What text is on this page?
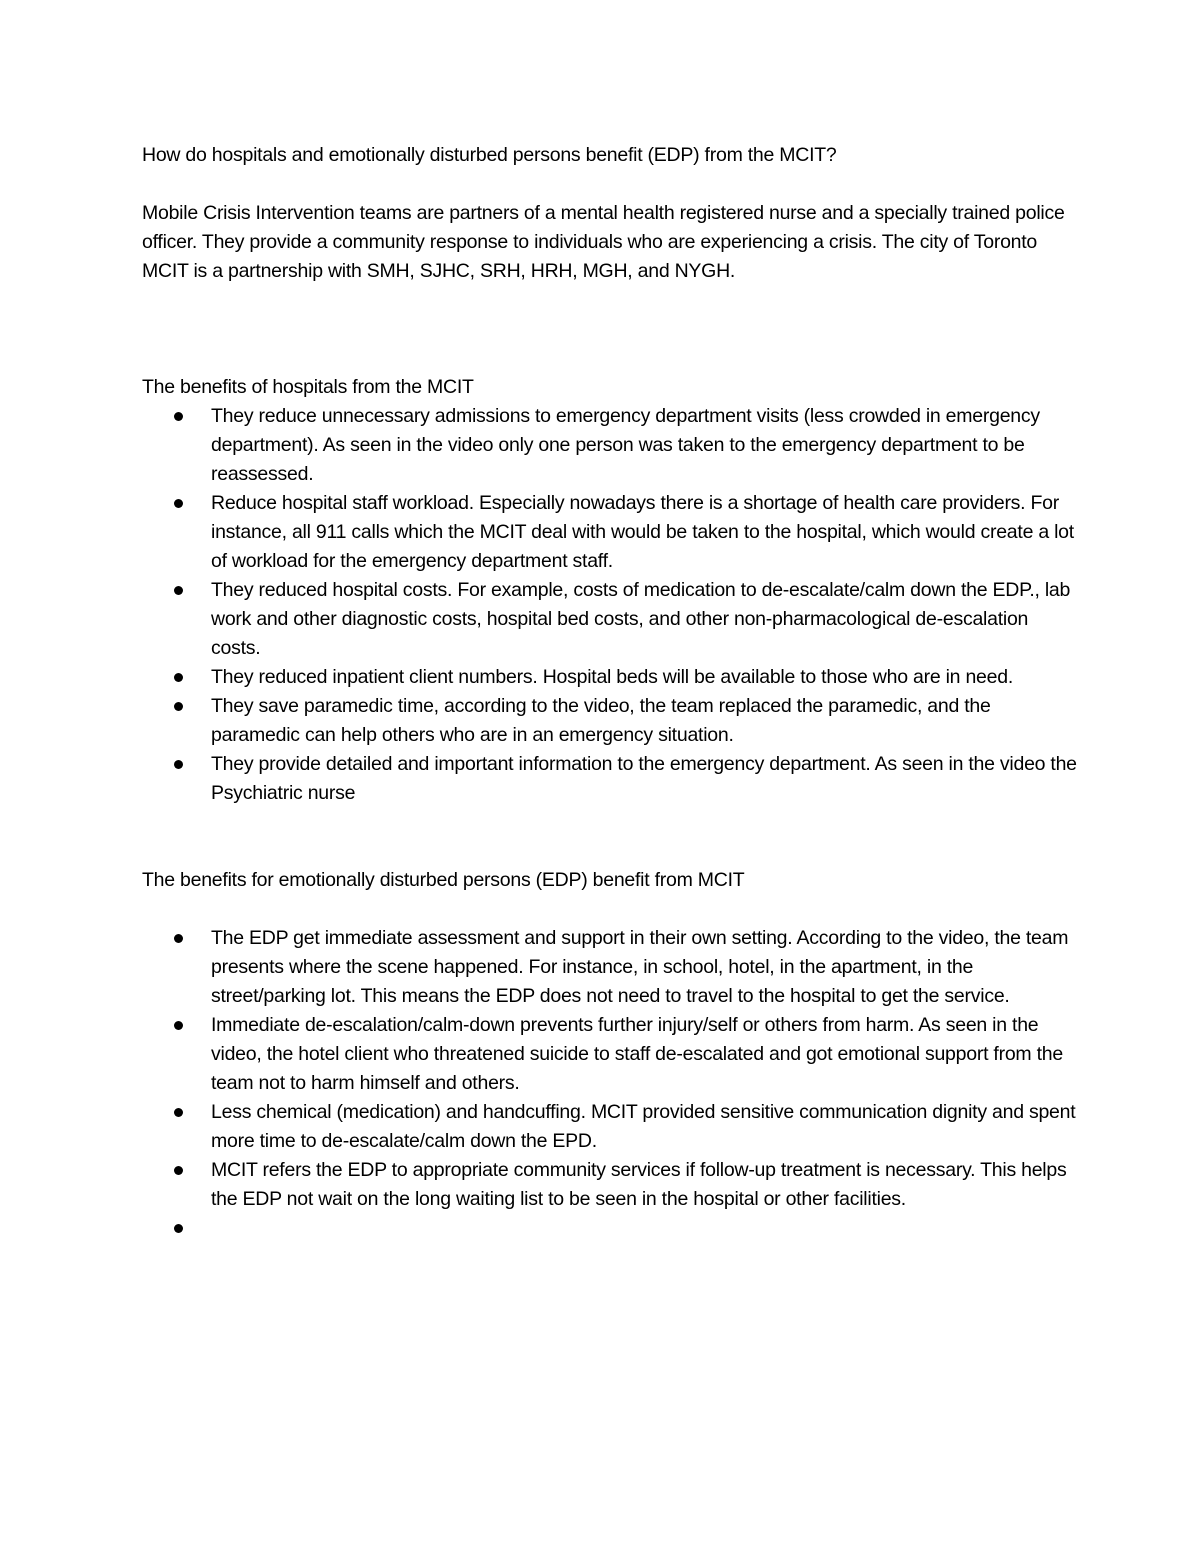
How do hospitals and emotionally disturbed persons benefit (EDP) from the MCIT?

Mobile Crisis Intervention teams are partners of a mental health registered nurse and a specially trained police officer. They provide a community response to individuals who are experiencing a crisis. The city of Toronto MCIT is a partnership with SMH, SJHC, SRH, HRH, MGH, and NYGH.

The benefits of hospitals from the MCIT

They reduce unnecessary admissions to emergency department visits (less crowded in emergency department). As seen in the video only one person was taken to the emergency department to be reassessed.
Reduce hospital staff workload. Especially nowadays there is a shortage of health care providers. For instance, all 911 calls which the MCIT deal with would be taken to the hospital, which would create a lot of workload for the emergency department staff.
They reduced hospital costs. For example, costs of medication to de-escalate/calm down the EDP., lab work and other diagnostic costs, hospital bed costs, and other non-pharmacological de-escalation costs.
They reduced inpatient client numbers. Hospital beds will be available to those who are in need.
They save paramedic time, according to the video, the team replaced the paramedic, and the paramedic can help others who are in an emergency situation.
They provide detailed and important information to the emergency department. As seen in the video the Psychiatric nurse

The benefits for emotionally disturbed persons (EDP) benefit from MCIT

The EDP get immediate assessment and support in their own setting. According to the video, the team presents where the scene happened. For instance, in school, hotel, in the apartment, in the street/parking lot. This means the EDP does not need to travel to the hospital to get the service.
Immediate de-escalation/calm-down prevents further injury/self or others from harm. As seen in the video, the hotel client who threatened suicide to staff de-escalated and got emotional support from the team not to harm himself and others.
Less chemical (medication) and handcuffing. MCIT provided sensitive communication dignity and spent more time to de-escalate/calm down the EPD.
MCIT refers the EDP to appropriate community services if follow-up treatment is necessary. This helps the EDP not wait on the long waiting list to be seen in the hospital or other facilities.
